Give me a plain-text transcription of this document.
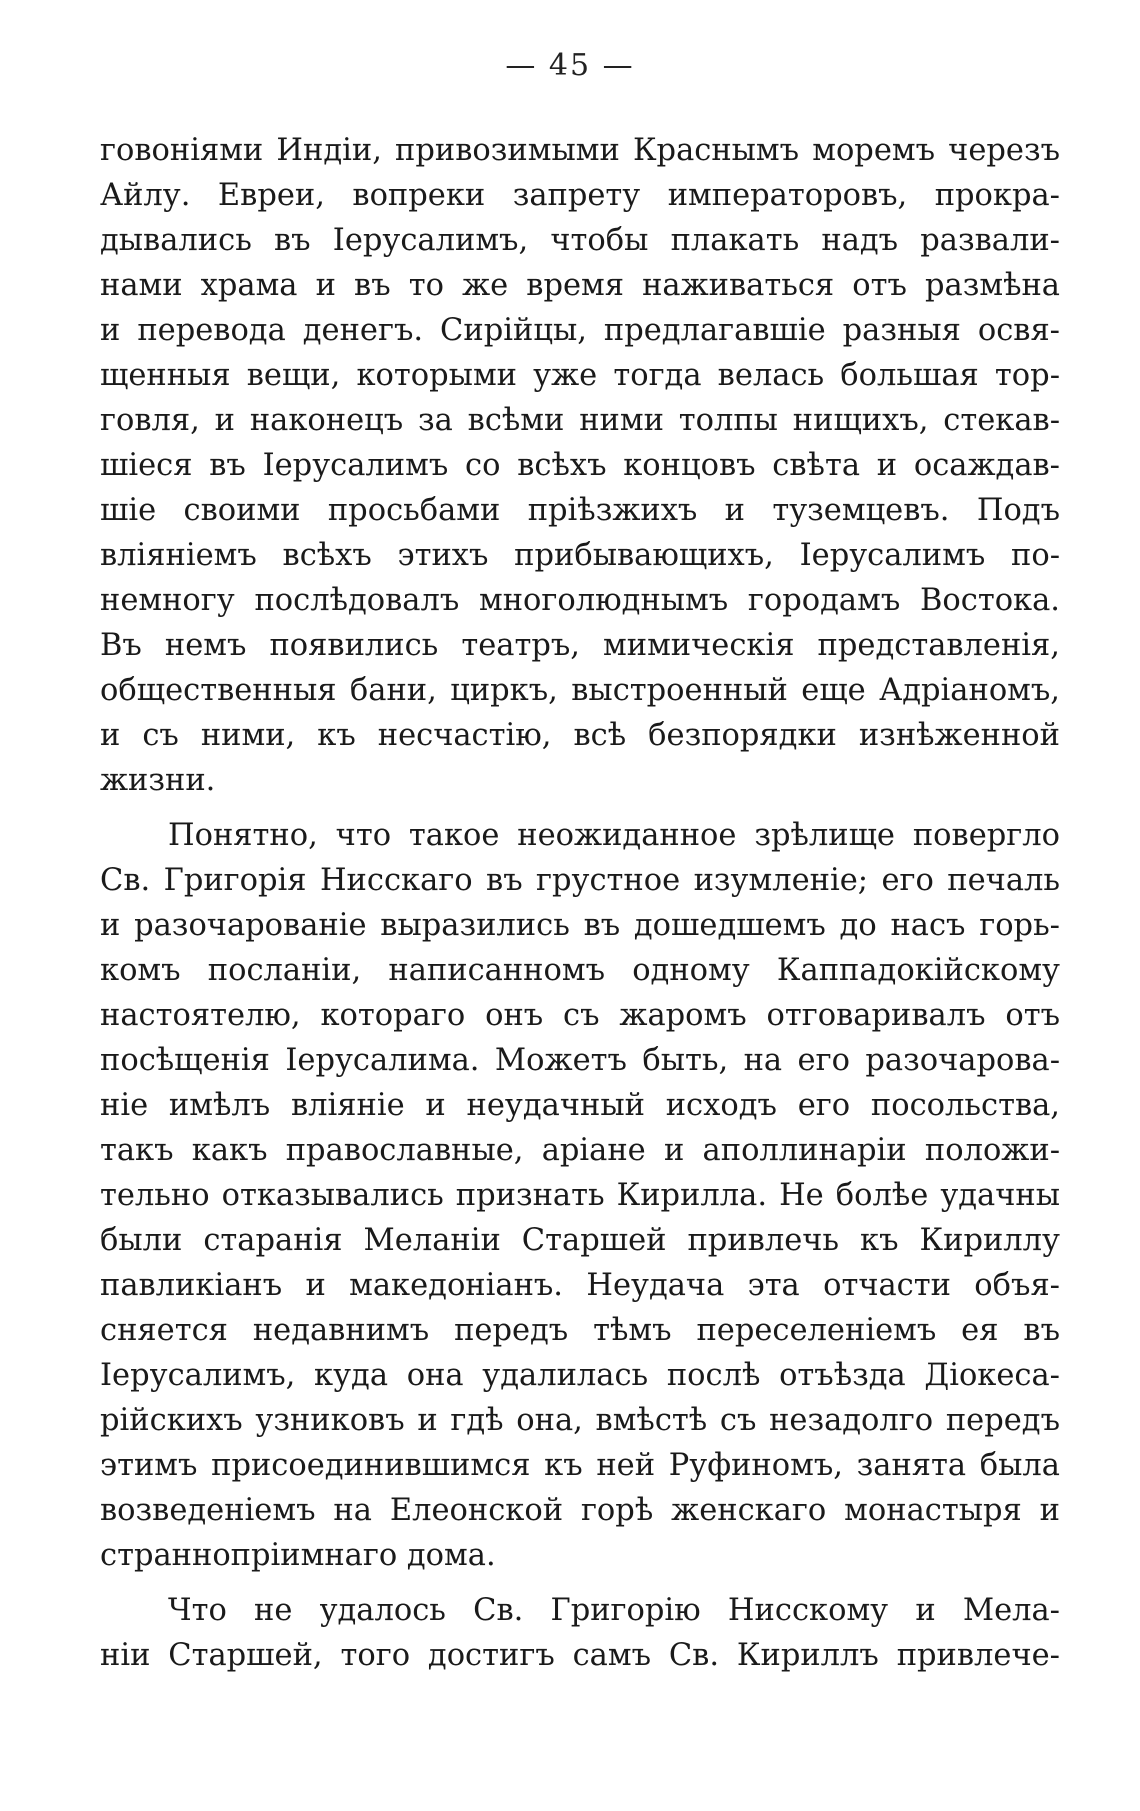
— 45 —
говоніями Индіи, привозимыми Краснымъ моремъ черезъ
Айлу. Евреи, вопреки запрету императоровъ, прокра-
дывались въ Іерусалимъ, чтобы плакать надъ развали-
нами храма и въ то же время наживаться отъ размѣна
и перевода денегъ. Сирійцы, предлагавшіе разныя освя-
щенныя вещи, которыми уже тогда велась большая тор-
говля, и наконецъ за всѣми ними толпы нищихъ, стекав-
шіеся въ Іерусалимъ со всѣхъ концовъ свѣта и осаждав-
шіе своими просьбами пріѣзжихъ и туземцевъ. Подъ
вліяніемъ всѣхъ этихъ прибывающихъ, Іерусалимъ по-
немногу послѣдовалъ многолюднымъ городамъ Востока.
Въ немъ появились театръ, мимическія представленія,
общественныя бани, циркъ, выстроенный еще Адріаномъ,
и съ ними, къ несчастію, всѣ безпорядки изнѣженной
жизни.
Понятно, что такое неожиданное зрѣлище повергло
Св. Григорія Нисскаго въ грустное изумленіе; его печаль
и разочарованіе выразились въ дошедшемъ до насъ горь-
комъ посланіи, написанномъ одному Каппадокійскому
настоятелю, котораго онъ съ жаромъ отговаривалъ отъ
посѣщенія Іерусалима. Можетъ быть, на его разочарова-
ніе имѣлъ вліяніе и неудачный исходъ его посольства,
такъ какъ православные, аріане и аполлинаріи положи-
тельно отказывались признать Кирилла. Не болѣе удачны
были старанія Меланіи Старшей привлечь къ Кириллу
павликіанъ и македоніанъ. Неудача эта отчасти объя-
сняется недавнимъ передъ тѣмъ переселеніемъ ея въ
Іерусалимъ, куда она удалилась послѣ отъѣзда Діокеса-
рійскихъ узниковъ и гдѣ она, вмѣстѣ съ незадолго передъ
этимъ присоединившимся къ ней Руфиномъ, занята была
возведеніемъ на Елеонской горѣ женскаго монастыря и
страннопріимнаго дома.
Что не удалось Св. Григорію Нисскому и Мела-
ніи Старшей, того достигъ самъ Св. Кириллъ привлече-
